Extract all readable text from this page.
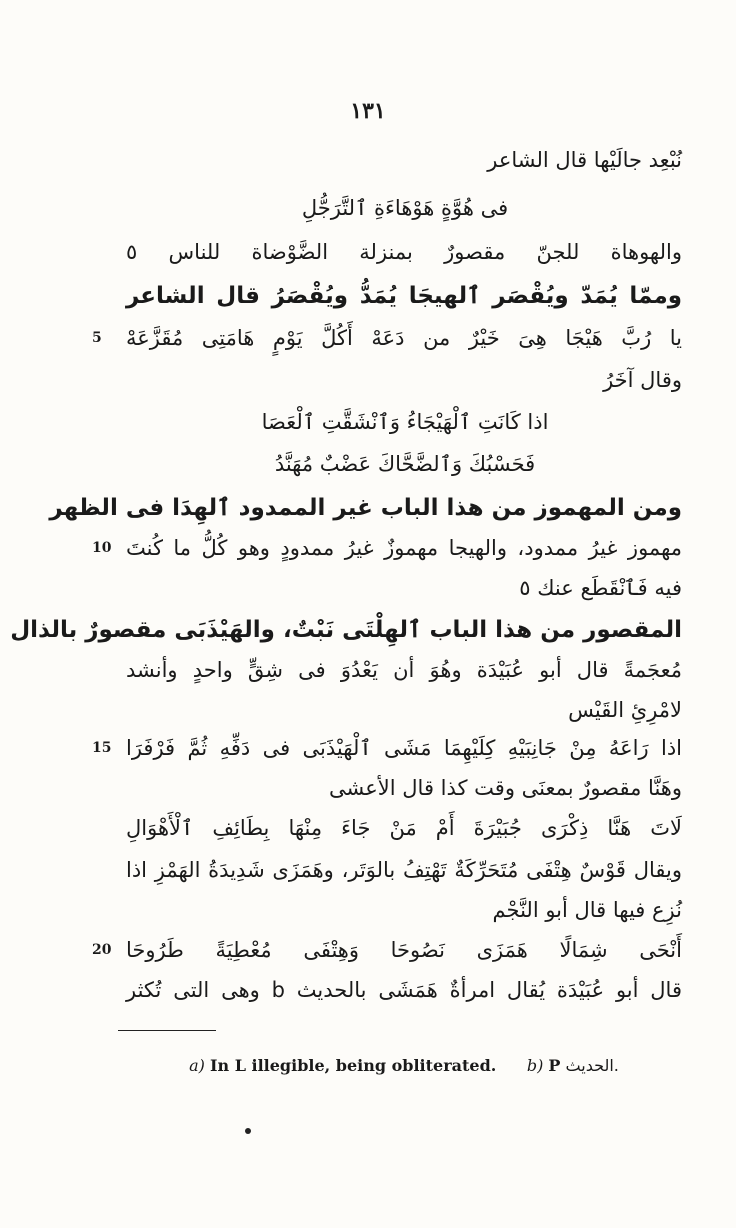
١٣١
نُبْعِد جالَيْها قال الشاعر
فى هُوَّةٍ هَوْهَاءَةِ ٱلتَّرَجُّلِ
والهوهاة للجنّ مقصورٌ بمنزلة الضَّوْضاة للناس ٥
وممّا يُمَدّ ويُقْصَر ٱلهيجَا يُمَدُّ ويُقْصَرُ قال الشاعر
5	يا رُبَّ هَيْجَا هِىَ خَيْرٌ من دَعَهْ أَكُلَّ يَوْمٍ هَامَتِى مُقَزَّعَهْ
وقال آخَرُ
اذا كَانَتِ ٱلْهَيْجَاءُ وَٱنْشَقَّتِ ٱلْعَصَا
فَحَسْبُكَ وَٱلضَّحَّاكَ عَضْبٌ مُهَنَّدُ
ومن المهموز من هذا الباب غير الممدود ٱلهِدَا فى الظهر
10 مهموز غيرُ ممدود، والهيجا مهموزٌ غيرُ ممدودٍ وهو كُلُّ ما كُنتَ
فيه فَٱنْقَطَع عنك ٥
المقصور من هذا الباب ٱلهِلْتَى نَبْتٌ، والهَيْذَبَى مقصورٌ بالذال
مُعجَمةً قال أبو عُبَيْدَة وهُوَ أن يَعْدُوَ فى شِقٍّ واحدٍ وأنشد
لامْرِئِ القَيْس
15 اذا رَاعَهُ مِنْ جَانِبَيْهِ كِلَيْهِمَا مَشَى ٱلْهَيْذَبَى فى دَفِّهِ ثُمَّ فَرْفَرَا
وهَنَّا مقصورٌ بمعنَى وقت كذا قال الأعشى
لَاتَ هَنَّا ذِكْرَى جُبَيْرَةَ أَمْ مَنْ جَاءَ مِنْهَا بِطَائِفِ ٱلْأَهْوَالِ
ويقال قَوْسٌ هِتْفَى مُتَحَرِّكَةٌ تَهْتِفُ بالوَتَر، وهَمَزَى شَدِيدَةُ الهَمْزِ اذا
نُزِع فيها قال أبو النَّجْم
20 أَنْحَى شِمَالًا هَمَزَى نَصُوحَا وَهِتْفَى مُعْطِيَةً طَرُوحَا
قال أبو عُبَيْدَة يُقال امرأةٌ هَمَشَى بالحديث b وهى التى تُكثر
a) In L illegible, being obliterated. b) P الحديث.
